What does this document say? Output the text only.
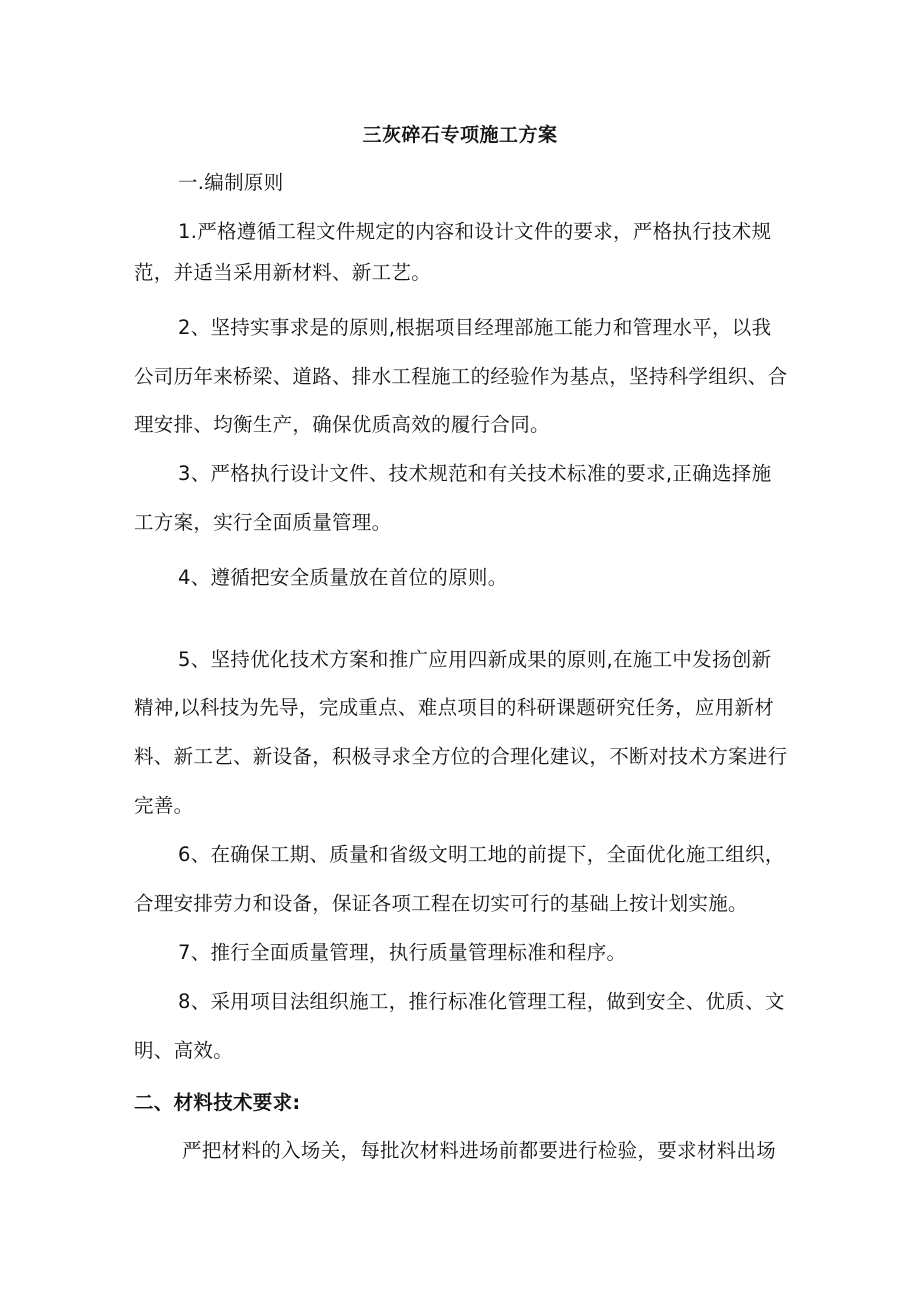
三灰碎石专项施工方案
一.编制原则
1.严格遵循工程文件规定的内容和设计文件的要求，严格执行技术规
范，并适当采用新材料、新工艺。
2、坚持实事求是的原则,根据项目经理部施工能力和管理水平，以我
公司历年来桥梁、道路、排水工程施工的经验作为基点，坚持科学组织、合
理安排、均衡生产，确保优质高效的履行合同。
3、严格执行设计文件、技术规范和有关技术标准的要求,正确选择施
工方案，实行全面质量管理。
4、遵循把安全质量放在首位的原则。
5、坚持优化技术方案和推广应用四新成果的原则,在施工中发扬创新
精神,以科技为先导，完成重点、难点项目的科研课题研究任务，应用新材
料、新工艺、新设备，积极寻求全方位的合理化建议，不断对技术方案进行
完善。
6、在确保工期、质量和省级文明工地的前提下，全面优化施工组织，
合理安排劳力和设备，保证各项工程在切实可行的基础上按计划实施。
7、推行全面质量管理，执行质量管理标准和程序。
8、采用项目法组织施工，推行标准化管理工程，做到安全、优质、文
明、高效。
二、材料技术要求:
严把材料的入场关，每批次材料进场前都要进行检验，要求材料出场
